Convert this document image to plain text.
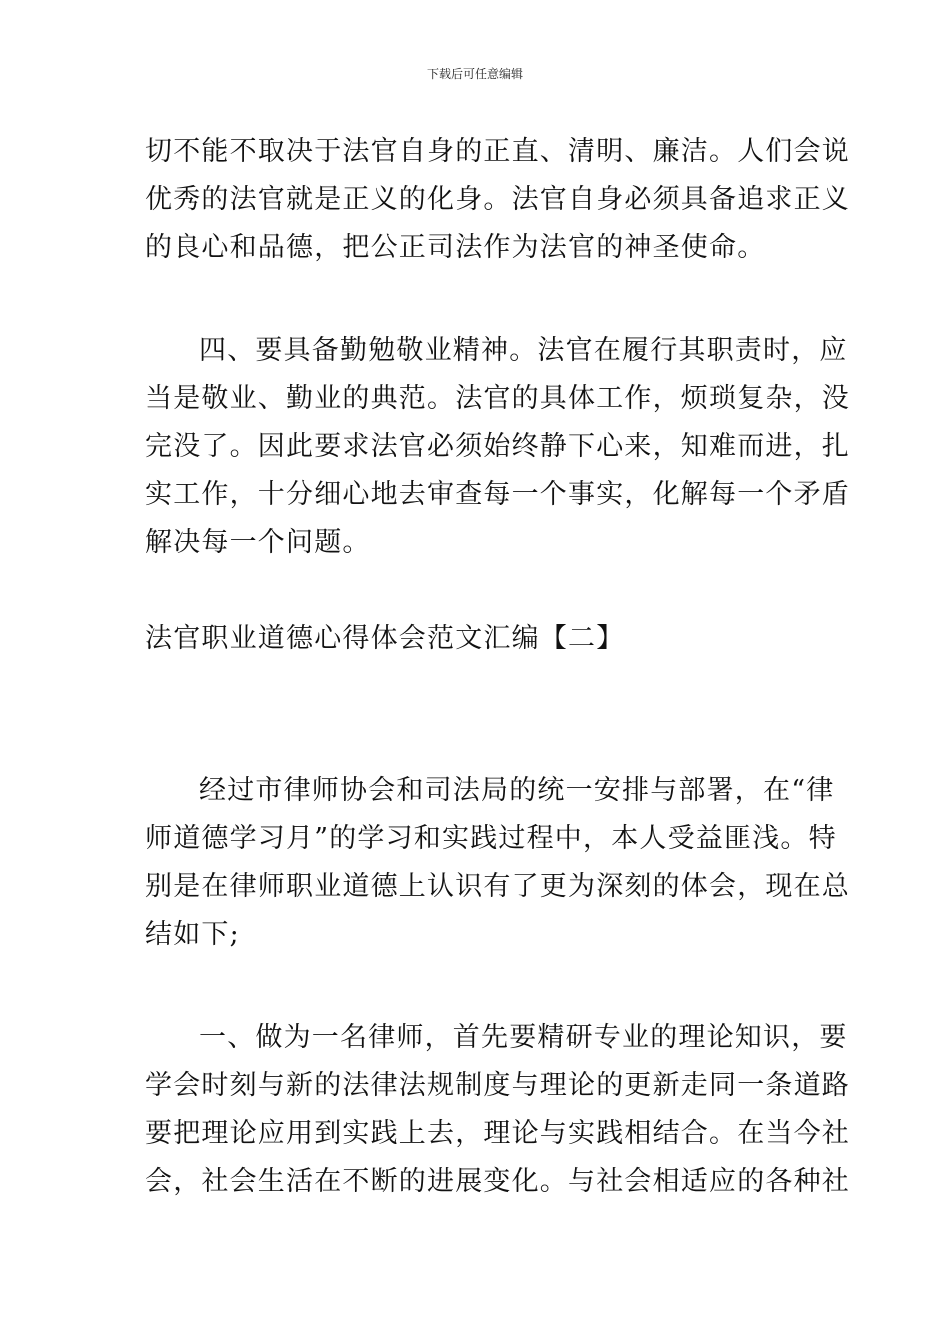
下载后可任意编辑
切不能不取决于法官自身的正直、清明、廉洁。人们会说
优秀的法官就是正义的化身。法官自身必须具备追求正义
的良心和品德，把公正司法作为法官的神圣使命。
四、要具备勤勉敬业精神。法官在履行其职责时，应
当是敬业、勤业的典范。法官的具体工作，烦琐复杂，没
完没了。因此要求法官必须始终静下心来，知难而进，扎
实工作，十分细心地去审查每一个事实，化解每一个矛盾
解决每一个问题。
法官职业道德心得体会范文汇编【二】
经过市律师协会和司法局的统一安排与部署，在“律
师道德学习月”的学习和实践过程中，本人受益匪浅。特
别是在律师职业道德上认识有了更为深刻的体会，现在总
结如下;
一、做为一名律师，首先要精研专业的理论知识，要
学会时刻与新的法律法规制度与理论的更新走同一条道路
要把理论应用到实践上去，理论与实践相结合。在当今社
会，社会生活在不断的进展变化。与社会相适应的各种社
